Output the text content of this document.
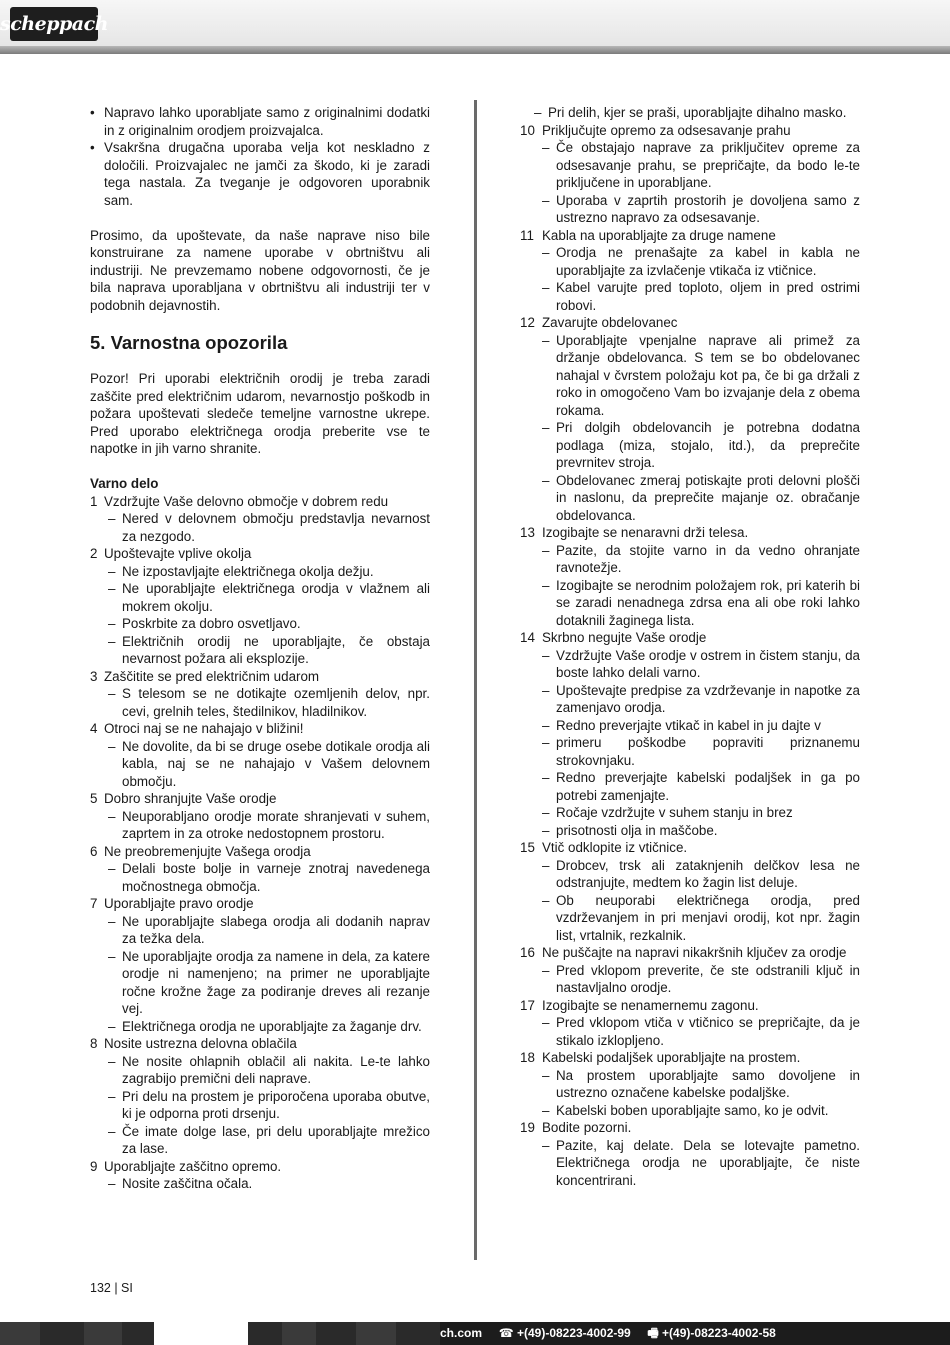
scheppach
• Napravo lahko uporabljate samo z originalnimi dodatki in z originalnim orodjem proizvajalca.
• Vsakršna drugačna uporaba velja kot neskladno z določili. Proizvajalec ne jamči za škodo, ki je zaradi tega nastala. Za tveganje je odgovoren uporabnik sam.

Prosimo, da upoštevate, da naše naprave niso bile konstruirane za namene uporabe v obrtništvu ali industriji. Ne prevzemamo nobene odgovornosti, če je bila naprava uporabljana v obrtništvu ali industriji ter v podobnih dejavnostih.

5. Varnostna opozorila

Pozor! Pri uporabi električnih orodij je treba zaradi zaščite pred električnim udarom, nevarnostjo poškodb in požara upoštevati sledeče temeljne varnostne ukrepe. Pred uporabo električnega orodja preberite vse te napotke in jih varno shranite.

Varno delo
1 Vzdržujte Vaše delovno območje v dobrem redu
– Nered v delovnem območju predstavlja nevarnost za nezgodo.
2 Upoštevajte vplive okolja
– Ne izpostavljajte električnega okolja dežju.
– Ne uporabljajte električnega orodja v vlažnem ali mokrem okolju.
– Poskrbite za dobro osvetljavo.
– Električnih orodij ne uporabljajte, če obstaja nevarnost požara ali eksplozije.
3 Zaščitite se pred električnim udarom
– S telesom se ne dotikajte ozemljenih delov, npr. cevi, grelnih teles, štedilnikov, hladilnikov.
4 Otroci naj se ne nahajajo v bližini!
– Ne dovolite, da bi se druge osebe dotikale orodja ali kabla, naj se ne nahajajo v Vašem delovnem območju.
5 Dobro shranjujte Vaše orodje
– Neuporabljano orodje morate shranjevati v suhem, zaprtem in za otroke nedostopnem prostoru.
6 Ne preobremenjujte Vašega orodja
– Delali boste bolje in varneje znotraj navedenega močnostnega območja.
7 Uporabljajte pravo orodje
– Ne uporabljajte slabega orodja ali dodanih naprav za težka dela.
– Ne uporabljajte orodja za namene in dela, za katere orodje ni namenjeno; na primer ne uporabljajte ročne krožne žage za podiranje dreves ali rezanje vej.
– Električnega orodja ne uporabljajte za žaganje drv.
8 Nosite ustrezna delovna oblačila
– Ne nosite ohlapnih oblačil ali nakita. Le-te lahko zagrabijo premični deli naprave.
– Pri delu na prostem je priporočena uporaba obutve, ki je odporna proti drsenju.
– Če imate dolge lase, pri delu uporabljajte mrežico za lase.
9 Uporabljajte zaščitno opremo.
– Nosite zaščitna očala.
– Pri delih, kjer se praši, uporabljajte dihalno masko.
10 Priključujte opremo za odsesavanje prahu
– Če obstajajo naprave za priključitev opreme za odsesavanje prahu, se prepričajte, da bodo le-te priključene in uporabljane.
– Uporaba v zaprtih prostorih je dovoljena samo z ustrezno napravo za odsesavanje.
11 Kabla na uporabljajte za druge namene
– Orodja ne prenašajte za kabel in kabla ne uporabljajte za izvlačenje vtikača iz vtičnice.
– Kabel varujte pred toploto, oljem in pred ostrimi robovi.
12 Zavarujte obdelovanec
– Uporabljajte vpenjalne naprave ali primež za držanje obdelovanca. S tem se bo obdelovanec nahajal v čvrstem položaju kot pa, če bi ga držali z roko in omogočeno Vam bo izvajanje dela z obema rokama.
– Pri dolgih obdelovancih je potrebna dodatna podlaga (miza, stojalo, itd.), da preprečite prevrnitev stroja.
– Obdelovanec zmeraj potiskajte proti delovni plošči in naslonu, da preprečite majanje oz. obračanje obdelovanca.
13 Izogibajte se nenaravni drži telesa.
– Pazite, da stojite varno in da vedno ohranjate ravnotežje.
– Izogibajte se nerodnim položajem rok, pri katerih bi se zaradi nenadnega zdrsa ena ali obe roki lahko dotaknili žaginega lista.
14 Skrbno negujte Vaše orodje
– Vzdržujte Vaše orodje v ostrem in čistem stanju, da boste lahko delali varno.
– Upoštevajte predpise za vzdrževanje in napotke za zamenjavo orodja.
– Redno preverjajte vtikač in kabel in ju dajte v
– primeru poškodbe popraviti priznanemu strokovnjaku.
– Redno preverjajte kabelski podaljšek in ga po potrebi zamenjajte.
– Ročaje vzdržujte v suhem stanju in brez
– prisotnosti olja in maščobe.
15 Vtič odklopite iz vtičnice.
– Drobcev, trsk ali zataknjenih delčkov lesa ne odstranjujte, medtem ko žagin list deluje.
– Ob neuporabi električnega orodja, pred vzdrževanjem in pri menjavi orodij, kot npr. žagin list, vrtalnik, rezkalnik.
16 Ne puščajte na napravi nikakršnih ključev za orodje
– Pred vklopom preverite, če ste odstranili ključ in nastavljalno orodje.
17 Izogibajte se nenamernemu zagonu.
– Pred vklopom vtiča v vtičnico se prepričajte, da je stikalo izklopljeno.
18 Kabelski podaljšek uporabljajte na prostem.
– Na prostem uporabljajte samo dovoljene in ustrezno označene kabelske podaljške.
– Kabelski boben uporabljajte samo, ko je odvit.
19 Bodite pozorni.
– Pazite, kaj delate. Dela se lotevajte pametno. Električnega orodja ne uporabljajte, če niste koncentrirani.
132 | SI
ch.com ☎ +(49)-08223-4002-99 🖷 +(49)-08223-4002-58
